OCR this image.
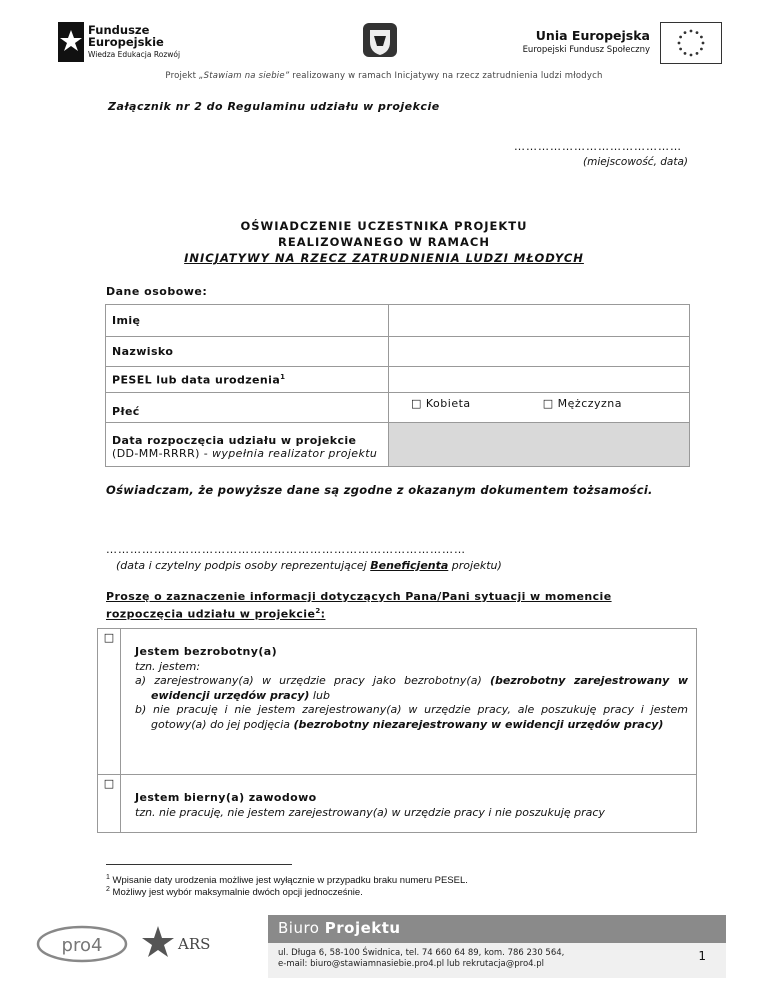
Fundusze
Europejskie
Wiedza Edukacja Rozwój
Unia Europejska
Europejski Fundusz Społeczny
Projekt „Stawiam na siebie” realizowany w ramach Inicjatywy na rzecz zatrudnienia ludzi młodych
Załącznik nr 2 do Regulaminu udziału w projekcie
……………………………………
(miejscowość, data)
OŚWIADCZENIE UCZESTNIKA PROJEKTU
REALIZOWANEGO W RAMACH
INICJATYWY NA RZECZ ZATRUDNIENIA LUDZI MŁODYCH
Dane osobowe:
Imię		
Nazwisko		
PESEL lub data urodzenia$^1$	
Płeć	□ Kobieta	□ Mężczyzna

Data rozpoczęcia udziału w projekcie
(DD-MM-RRRR) - wypełnia realizator projektu		

Oświadczam, że powyższe dane są zgodne z okazanym dokumentem tożsamości.
………………………………………………………………………………
(data i czytelny podpis osoby reprezentującej Beneficjenta projektu)
Proszę o zaznaczenie informacji dotyczących Pana/Pani sytuacji w momencie rozpoczęcia udziału w projekcie$^2$:
□	Jestem bezrobotny(a)
tzn. jestem:
a) zarejestrowany(a) w urzędzie pracy jako bezrobotny(a) (bezrobotny zarejestrowany w ewidencji urzędów pracy) lub
b) nie pracuję i nie jestem zarejestrowany(a) w urzędzie pracy, ale poszukuję pracy i jestem gotowy(a) do jej podjęcia (bezrobotny niezarejestrowany w ewidencji urzędów pracy)

□	Jestem bierny(a) zawodowo
tzn. nie pracuję, nie jestem zarejestrowany(a) w urzędzie pracy i nie poszukuję pracy
$^1$ Wpisanie daty urodzenia możliwe jest wyłącznie w przypadku braku numeru PESEL.
$^2$ Możliwy jest wybór maksymalnie dwóch opcji jednocześnie.
pro4	ARS
Biuro Projektu
ul. Długa 6, 58-100 Świdnica, tel. 74 660 64 89, kom. 786 230 564,
e-mail: biuro@stawiamnasiebie.pro4.pl lub rekrutacja@pro4.pl
1
